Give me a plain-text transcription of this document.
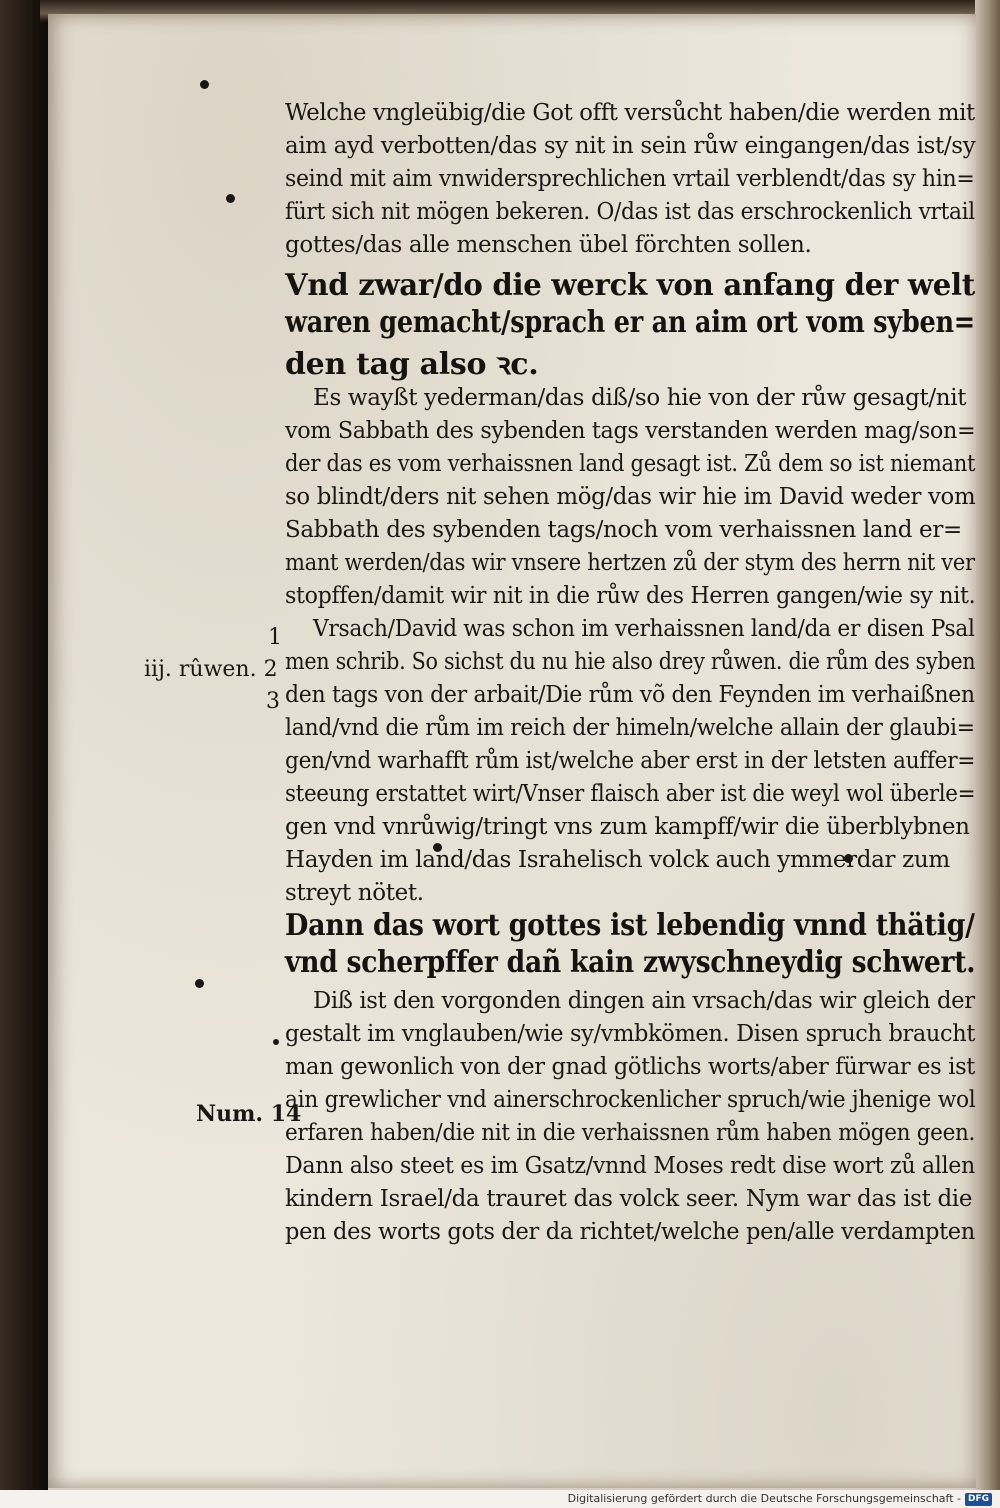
1
iij. rûwen. 2
3
Num. 14
Welche vngleübig/die Got offt versůcht haben/die werden mit
aim ayd verbotten/das sy nit in sein růw eingangen/das ist/sy
seind mit aim vnwidersprechlichen vrtail verblendt/das sy hin=
fürt sich nit mögen bekeren. O/das ist das erschrockenlich vrtail
gottes/das alle menschen übel förchten sollen.
Vnd zwar/do die werck von anfang der welt
waren gemacht/sprach er an aim ort vom syben=
den tag also ꝛc.
Es wayßt yederman/das diß/so hie von der růw gesagt/nit
vom Sabbath des sybenden tags verstanden werden mag/son=
der das es vom verhaissnen land gesagt ist. Zů dem so ist niemant
so blindt/ders nit sehen mög/das wir hie im David weder vom
Sabbath des sybenden tags/noch vom verhaissnen land er=
mant werden/das wir vnsere hertzen zů der stym des herrn nit ver
stopffen/damit wir nit in die růw des Herren gangen/wie sy nit.
Vrsach/David was schon im verhaissnen land/da er disen Psal
men schrib. So sichst du nu hie also drey růwen. die rům des syben
den tags von der arbait/Die rům võ den Feynden im verhaißnen
land/vnd die rům im reich der himeln/welche allain der glaubi=
gen/vnd warhafft rům ist/welche aber erst in der letsten auffer=
steeung erstattet wirt/Vnser flaisch aber ist die weyl wol überle=
gen vnd vnrůwig/tringt vns zum kampff/wir die überblybnen
Hayden im land/das Israhelisch volck auch ymmerdar zum
streyt nötet.
Dann das wort gottes ist lebendig vnnd thätig/
vnd scherpffer dañ kain zwyschneydig schwert.
Diß ist den vorgonden dingen ain vrsach/das wir gleich der
gestalt im vnglauben/wie sy/vmbkömen. Disen spruch braucht
man gewonlich von der gnad götlichs worts/aber fürwar es ist
ain grewlicher vnd ainerschrockenlicher spruch/wie jhenige wol
erfaren haben/die nit in die verhaissnen rům haben mögen geen.
Dann also steet es im Gsatz/vnnd Moses redt dise wort zů allen
kindern Israel/da trauret das volck seer. Nym war das ist die
pen des worts gots der da richtet/welche pen/alle verdampten
Digitalisierung gefördert durch die Deutsche Forschungsgemeinschaft - DFG
